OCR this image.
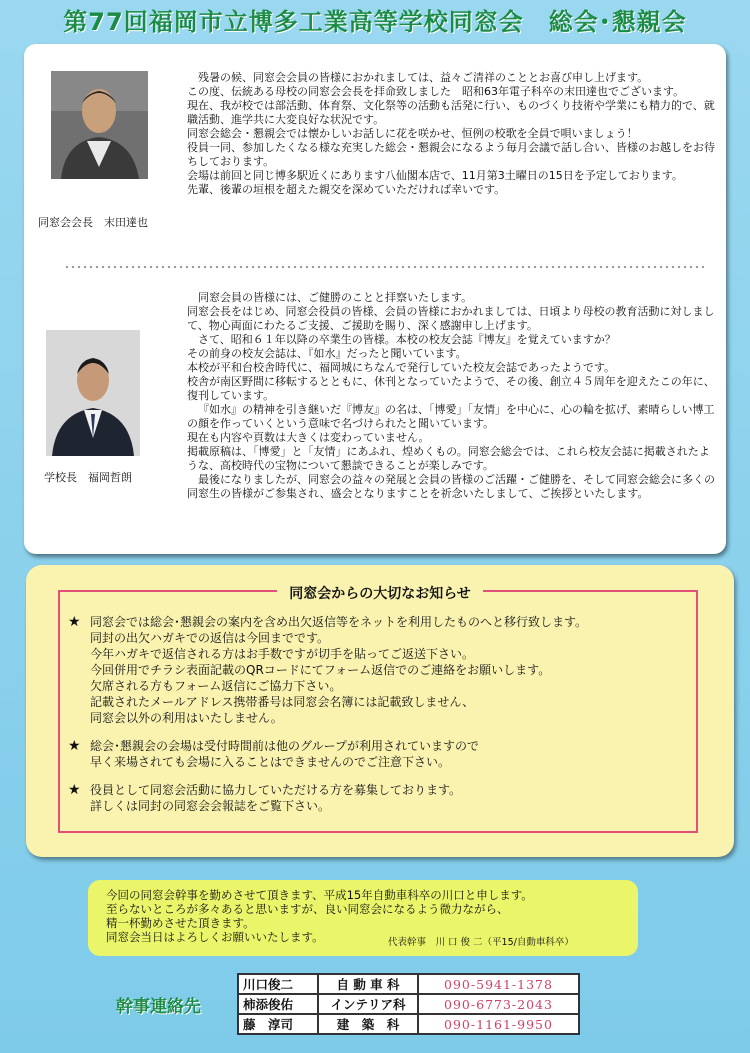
第77回福岡市立博多工業高等学校同窓会　総会･懇親会
同窓会会長　末田達也

残暑の候、同窓会会員の皆様におかれましては、益々ご清祥のこととお喜び申し上げます。

この度、伝統ある母校の同窓会会長を拝命致しました　昭和63年電子科卒の末田達也でございます。

現在、我が校では部活動、体育祭、文化祭等の活動も活発に行い、ものづくり技術や学業にも精力的で、就職活動、進学共に大変良好な状況です。

同窓会総会・懇親会では懐かしいお話しに花を咲かせ、恒例の校歌を全員で唄いましょう！

役員一同、参加したくなる様な充実した総会・懇親会になるよう毎月会議で話し合い、皆様のお越しをお待ちしております。

会場は前回と同じ博多駅近くにあります八仙閣本店で、11月第3土曜日の15日を予定しております。

先輩、後輩の垣根を超えた親交を深めていただければ幸いです。

学校長　福岡哲朗

同窓会員の皆様には、ご健勝のことと拝察いたします。

同窓会長をはじめ、同窓会役員の皆様、会員の皆様におかれましては、日頃より母校の教育活動に対しまして、物心両面にわたるご支援、ご援助を賜り、深く感謝申し上げます。

さて、昭和６１年以降の卒業生の皆様。本校の校友会誌『博友』を覚えていますか？

その前身の校友会誌は、『如水』だったと聞いています。

本校が平和台校舎時代に、福岡城にちなんで発行していた校友会誌であったようです。

校舎が南区野間に移転するとともに、休刊となっていたようで、その後、創立４５周年を迎えたこの年に、復刊しています。

『如水』の精神を引き継いだ『博友』の名は、「博愛」「友情」を中心に、心の輪を拡げ、素晴らしい博工の顔を作っていくという意味で名づけられたと聞いています。

現在も内容や頁数は大きくは変わっていません。

掲載原稿は、「博愛」と「友情」にあふれ、煌めくもの。同窓会総会では、これら校友会誌に掲載されたような、高校時代の宝物について懇談できることが楽しみです。

最後になりましたが、同窓会の益々の発展と会員の皆様のご活躍・ご健勝を、そして同窓会総会に多くの同窓生の皆様がご参集され、盛会となりますことを祈念いたしまして、ご挨拶といたします。

★ 同窓会では総会･懇親会の案内を含め出欠返信等をネットを利用したものへと移行致します。

同封の出欠ハガキでの返信は今回までです。

今年ハガキで返信される方はお手数ですが切手を貼ってご返送下さい。

今回併用でチラシ表面記載のQRコードにてフォーム返信でのご連絡をお願いします。

欠席される方もフォーム返信にご協力下さい。

記載されたメールアドレス携帯番号は同窓会名簿には記載致しません、

同窓会以外の利用はいたしません。

★ 総会･懇親会の会場は受付時間前は他のグループが利用されていますので

早く来場されても会場に入ることはできませんのでご注意下さい。

★ 役員として同窓会活動に協力していただける方を募集しております。

詳しくは同封の同窓会会報誌をご覧下さい。

同窓会からの大切なお知らせ

今回の同窓会幹事を勤めさせて頂きます、平成15年自動車科卒の川口と申します。

至らないところが多々あると思いますが、良い同窓会になるよう微力ながら、

精一杯勤めさせた頂きます。

同窓会当日はよろしくお願いいたします。	代表幹事　川 口 俊 二（平15/自動車科卒）
幹事連絡先
川口俊二	自 動 車 科	090-5941-1378
柿添俊佑	インテリア科	090-6773-2043
藤　淳司	建　築　科	090-1161-9950
